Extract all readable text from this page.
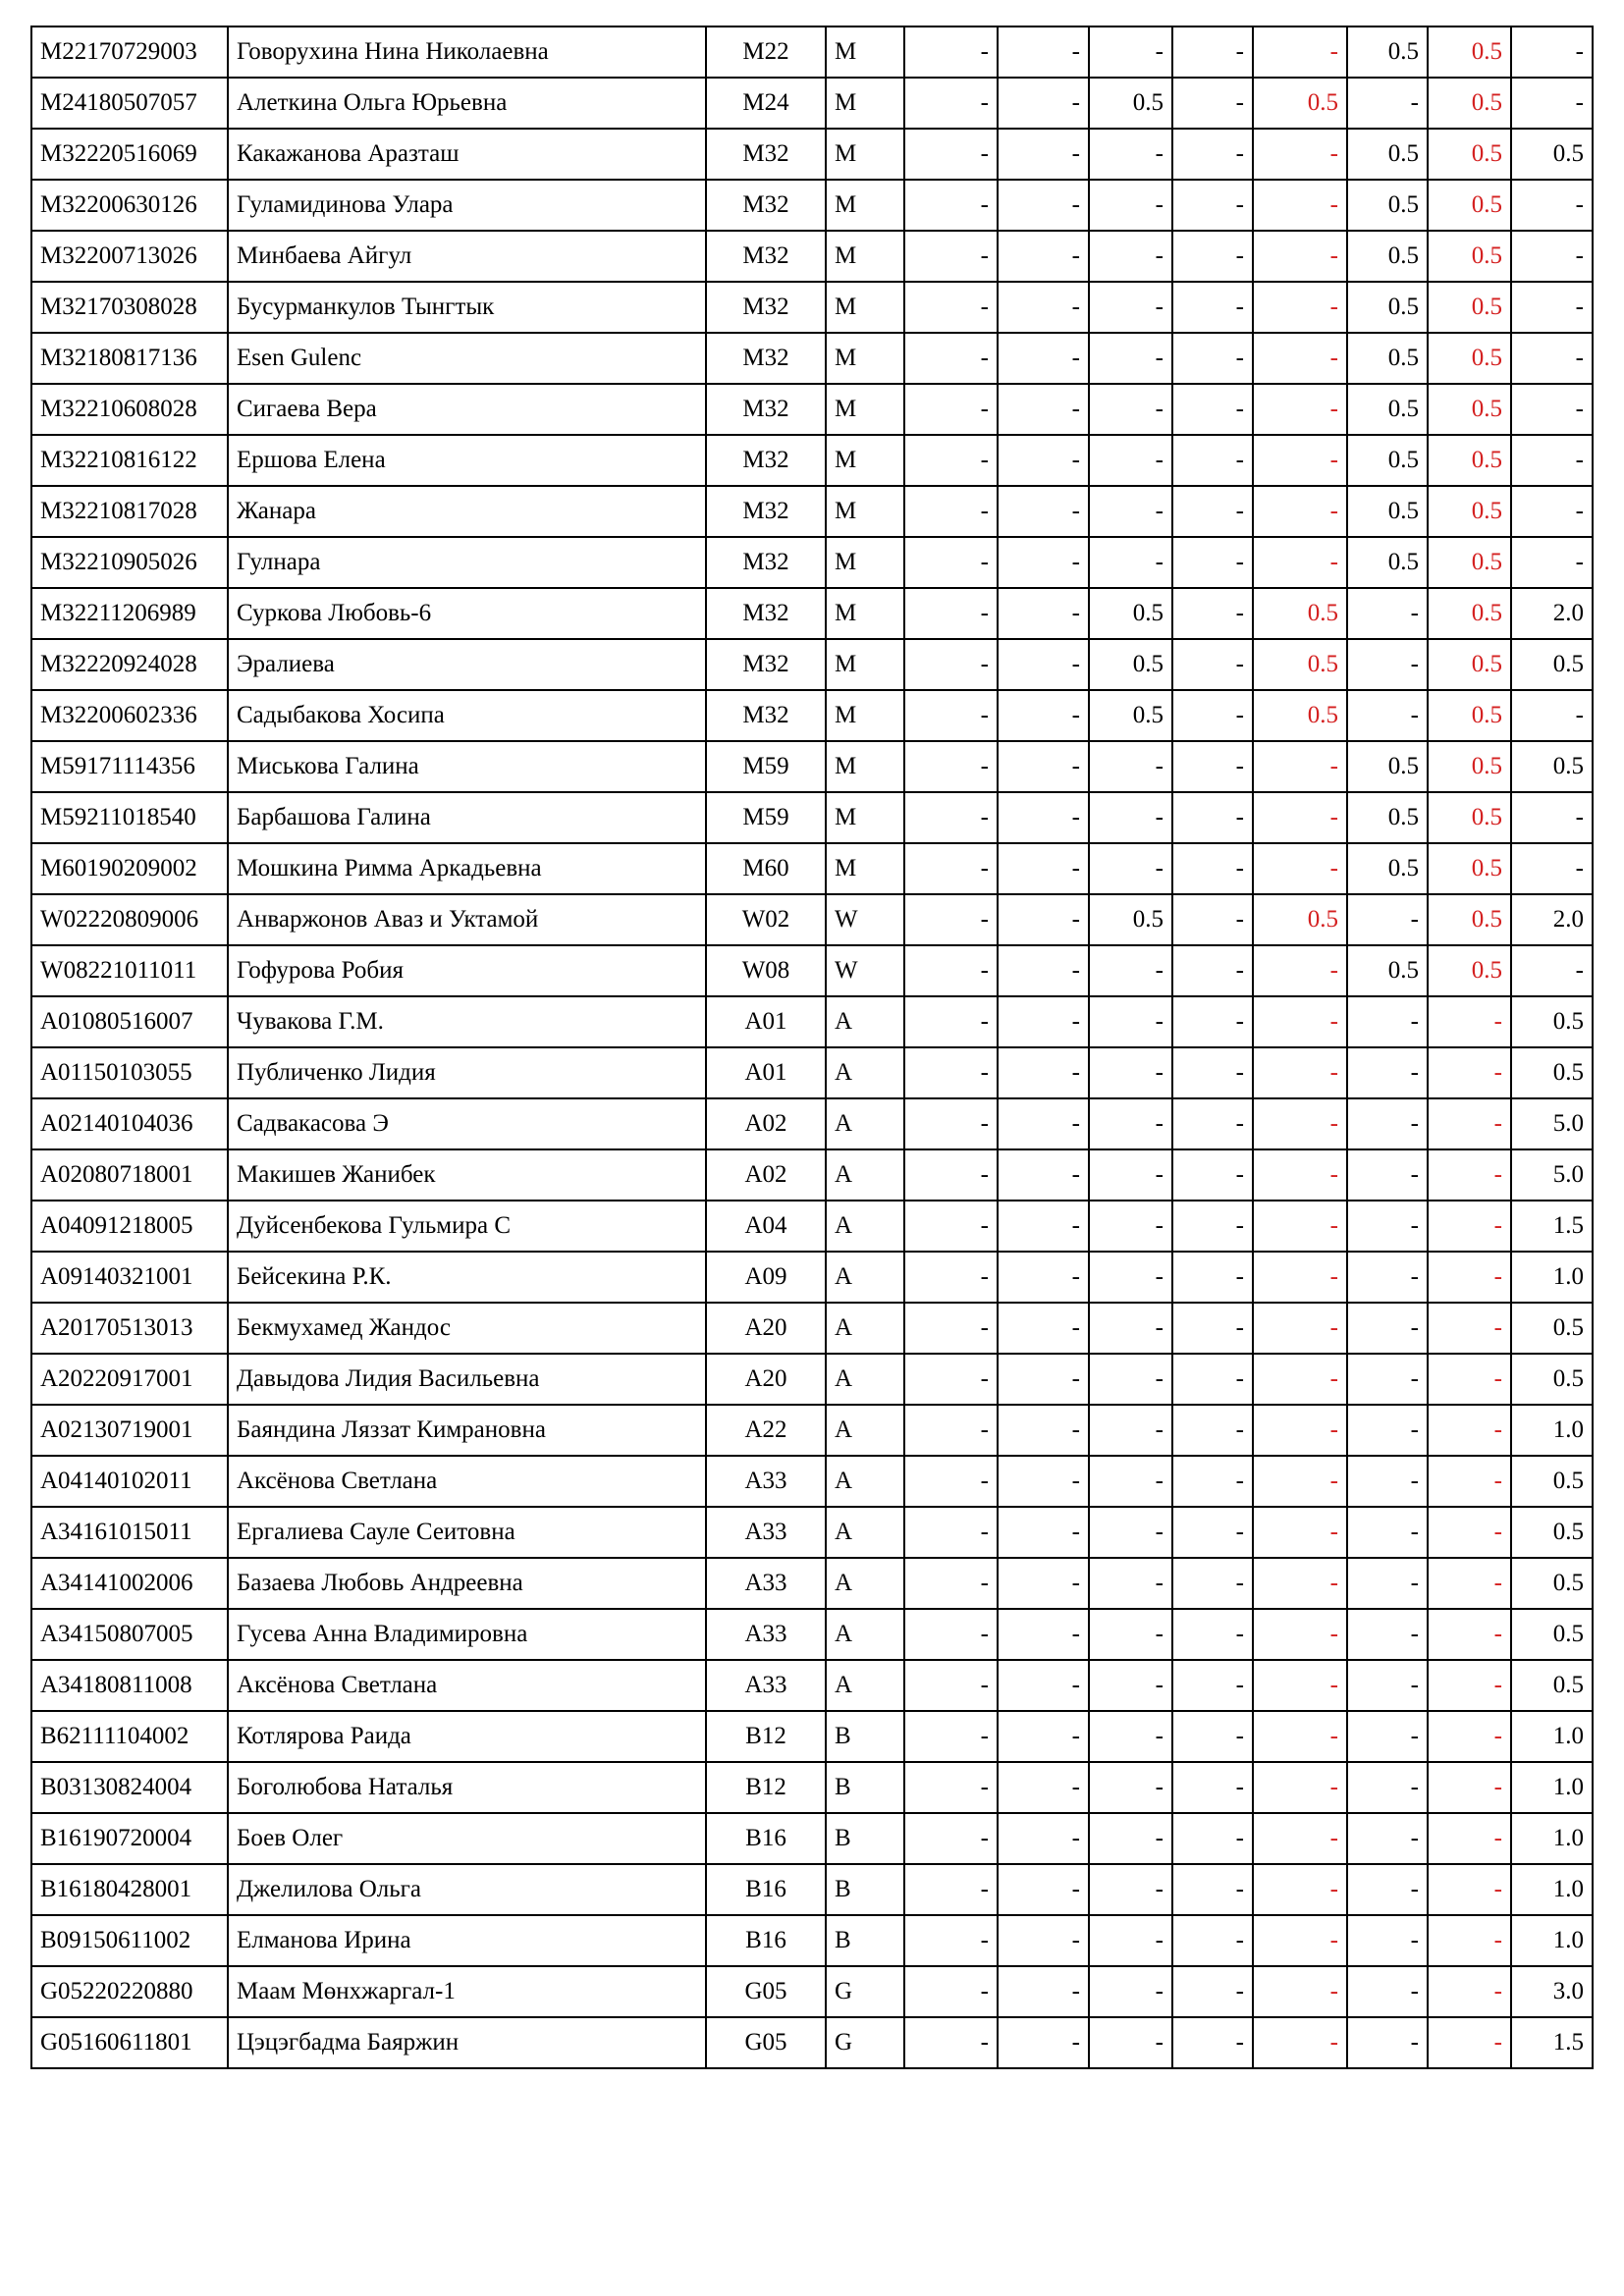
M22170729003	Говорухина Нина Николаевна	M22	M	-	-	-	-	-	0.5	0.5	-
M24180507057	Алеткина Ольга Юрьевна	M24	M	-	-	0.5	-	0.5	-	0.5	-
M32220516069	Какажанова Аразташ	M32	M	-	-	-	-	-	0.5	0.5	0.5
M32200630126	Гуламидинова Улара	M32	M	-	-	-	-	-	0.5	0.5	-
M32200713026	Минбаева Айгул	M32	M	-	-	-	-	-	0.5	0.5	-
M32170308028	Бусурманкулов Тынгтык	M32	M	-	-	-	-	-	0.5	0.5	-
M32180817136	Esen Gulenc	M32	M	-	-	-	-	-	0.5	0.5	-
M32210608028	Сигаева Вера	M32	M	-	-	-	-	-	0.5	0.5	-
M32210816122	Ершова Елена	M32	M	-	-	-	-	-	0.5	0.5	-
M32210817028	Жанара	M32	M	-	-	-	-	-	0.5	0.5	-
M32210905026	Гулнара	M32	M	-	-	-	-	-	0.5	0.5	-
M32211206989	Суркова Любовь-6	M32	M	-	-	0.5	-	0.5	-	0.5	2.0
M32220924028	Эралиева	M32	M	-	-	0.5	-	0.5	-	0.5	0.5
M32200602336	Садыбакова Хосипа	M32	M	-	-	0.5	-	0.5	-	0.5	-
M59171114356	Миськова Галина	M59	M	-	-	-	-	-	0.5	0.5	0.5
M59211018540	Барбашова Галина	M59	M	-	-	-	-	-	0.5	0.5	-
M60190209002	Мошкина Римма Аркадьевна	M60	M	-	-	-	-	-	0.5	0.5	-
W02220809006	Анваржонов Аваз и Уктамой	W02	W	-	-	0.5	-	0.5	-	0.5	2.0
W08221011011	Гофурова Робия	W08	W	-	-	-	-	-	0.5	0.5	-
A01080516007	Чувакова Г.М.	A01	A	-	-	-	-	-	-	-	0.5
A01150103055	Публиченко Лидия	A01	A	-	-	-	-	-	-	-	0.5
A02140104036	Садвакасова Э	A02	A	-	-	-	-	-	-	-	5.0
A02080718001	Макишев Жанибек	A02	A	-	-	-	-	-	-	-	5.0
A04091218005	Дуйсенбекова Гульмира С	A04	A	-	-	-	-	-	-	-	1.5
A09140321001	Бейсекина Р.К.	A09	A	-	-	-	-	-	-	-	1.0
A20170513013	Бекмухамед Жандос	A20	A	-	-	-	-	-	-	-	0.5
A20220917001	Давыдова Лидия Васильевна	A20	A	-	-	-	-	-	-	-	0.5
A02130719001	Баяндина Ляззат Кимрановна	A22	A	-	-	-	-	-	-	-	1.0
A04140102011	Аксёнова Светлана	A33	A	-	-	-	-	-	-	-	0.5
A34161015011	Ергалиева Сауле Сеитовна	A33	A	-	-	-	-	-	-	-	0.5
A34141002006	Базаева Любовь Андреевна	A33	A	-	-	-	-	-	-	-	0.5
A34150807005	Гусева Анна Владимировна	A33	A	-	-	-	-	-	-	-	0.5
A34180811008	Аксёнова Светлана	A33	A	-	-	-	-	-	-	-	0.5
B62111104002	Котлярова Раида	B12	B	-	-	-	-	-	-	-	1.0
B03130824004	Боголюбова Наталья	B12	B	-	-	-	-	-	-	-	1.0
B16190720004	Боев Олег	B16	B	-	-	-	-	-	-	-	1.0
B16180428001	Джелилова Ольга	B16	B	-	-	-	-	-	-	-	1.0
B09150611002	Елманова Ирина	B16	B	-	-	-	-	-	-	-	1.0
G05220220880	Маам Мөнхжаргал-1	G05	G	-	-	-	-	-	-	-	3.0
G05160611801	Цэцэгбадма Баяржин	G05	G	-	-	-	-	-	-	-	1.5
